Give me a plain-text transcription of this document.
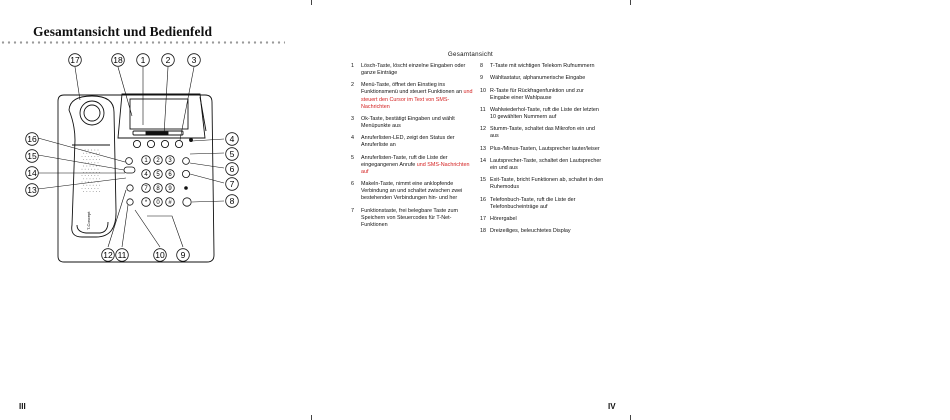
Gesamtansicht und Bedienfeld
1 2 3
4 5 6
7 8 9
* 0 #
17	18 1 2	3
16
15
14
13
4
5
6
7
8
12 11	10 9
T-Concept
III
Gesamtansicht
1	Lösch-Taste, löscht einzelne Eingaben oder ganze Einträge
2	Menü-Taste, öffnet den Einstieg ins Funktionsmenü und steuert Funktionen an und steuert den Cursor im Text von SMS-Nachrichten
3	Ok-Taste, bestätigt Eingaben und wählt Menüpunkte aus
4	Anruferlisten-LED, zeigt den Status der Anruferliste an
5	Anruferlisten-Taste, ruft die Liste der eingegangenen Anrufe und SMS-Nachrichten auf
6	Makeln-Taste, nimmt eine anklopfende Verbindung an und schaltet zwischen zwei bestehenden Verbindungen hin- und her
7	Funktionstaste, frei belegbare Taste zum Speichern von Steuercodes für T-Net-Funktionen
8	T-Taste mit wichtigen Telekom Rufnummern
9	Wähltastatur, alphanumerische Eingabe
10 R-Taste für Rückfragenfunktion und zur Eingabe einer Wahlpause
11 Wahlwiederhol-Taste, ruft die Liste der letzten 10 gewählten Nummern auf
12 Stumm-Taste, schaltet das Mikrofon ein und aus
13 Plus-/Minus-Tasten, Lautsprecher lauter/leiser
14 Lautsprecher-Taste, schaltet den Lautsprecher ein und aus
15 Exit-Taste, bricht Funktionen ab, schaltet in den Ruhemodus
16 Telefonbuch-Taste, ruft die Liste der Telefonbucheinträge auf
17 Hörergabel
18 Dreizeiliges, beleuchtetes Display
IV
